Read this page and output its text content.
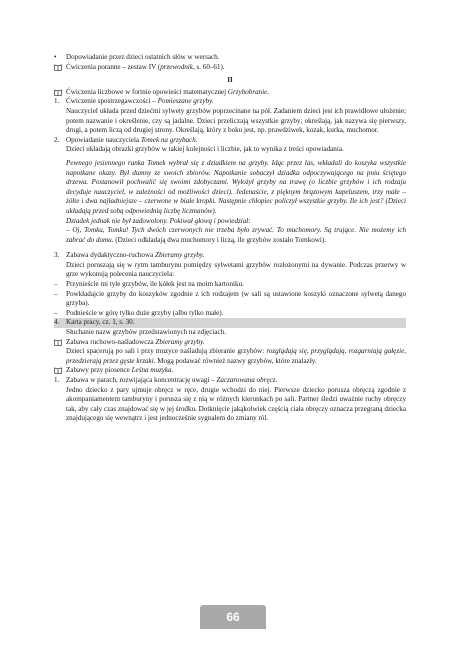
•	Dopowiadanie przez dzieci ostatnich słów w wersach.
Ćwiczenia poranne – zestaw IV (przewodnik, s. 60–61).
II
Ćwiczenia liczbowe w formie opowieści matematycznej Grzybobranie.
1. Ćwiczenie spostrzegawczości – Pomieszane grzyby.
Nauczyciel układa przed dziećmi sylwety grzybów poprzecinane na pół. Zadaniem dzieci jest ich prawidłowe ułożenie; potem nazwanie i określenie, czy są jadalne. Dzieci przeliczają wszystkie grzyby; określają, jak nazywa się pierwszy, drugi, a potem liczą od drugiej strony. Określają, który z boku jest, np. prawdziwek, kozak, kurka, muchomor.
2. Opowiadanie nauczyciela Tomek na grzybach.
Dzieci układają obrazki grzybów w takiej kolejności i liczbie, jak to wynika z treści opowiadania.
Pewnego jesiennego ranka Tomek wybrał się z dziadkiem na grzyby. Idąc przez las, wkładali do koszyka wszystkie napotkane okazy. Był dumny ze swoich zbiorów. Napotkanie sobaczył dziadka odpoczywającego na pniu ściętego drzewa. Postanowił pochwalić się swoimi zdobyczami. Wyłożył grzyby na trawę (o liczbie grzybów i ich rodzaju decyduje nauczyciel, w zależności od możliwości dzieci). Jedenaście, z pięknym brązowym kapeluszem, trzy małe – żółte i dwa najładniejsze – czerwone w białe kropki. Następnie chłopiec policzył wszystkie grzyby. Ile ich jest? (Dzieci układają przed sobą odpowiednią liczbę liczmanów).
Dziadek jednak nie był zadowolony. Pokiwał głową i powiedział:
– Oj, Tomku, Tomku! Tych dwóch czerwonych nie trzeba było zrywać. To muchomory. Są trujące. Nie możemy ich zabrać do domu. (Dzieci odkładają dwa muchomory i liczą, ile grzybów zostało Tomkowi).
3. Zabawa dydaktyczno-ruchowa Zbieramy grzyby.
Dzieci poruszają się w rytm tamburynu pomiędzy sylwetami grzybów rozłożonymi na dywanie. Podczas przerwy w grze wykonują polecenia nauczyciela:
–	Przynieście mi tyle grzybów, ile kółek jest na moim kartoniku.
–	Powkładajcie grzyby do koszyków zgodnie z ich rodzajem (w sali są ustawione koszyki oznaczone sylwetą danego grzyba).
–	Podnieście w górę tylko duże grzyby (albo tylko małe).
4. Karta pracy, cz. 1, s. 30.
Słuchanie nazw grzybów przedstawionych na zdjęciach.
Zabawa ruchowo-naśladowcza Zbieramy grzyby.
Dzieci spacerują po sali i przy muzyce naśladują zbieranie grzybów: rozglądają się, przyglądają, rozgarniają gałęzie, przedzierają przez gęste krzaki. Mogą podawać również nazwy grzybów, które znalazły.
Zabawy przy piosence Leśna muzyka.
1. Zabawa w parach, rozwijająca koncentrację uwagi – Zaczarowana obręcz.
Jedno dziecko z pary ujmuje obręcz w ręce, drugie wchodzi do niej. Pierwsze dziecko porusza obręczą zgodnie z akompaniamentem tamburyny i porusza się z nią w różnych kierunkach po sali. Partner śledzi uważnie ruchy obręczy tak, aby cały czas znajdować się w jej środku. Dotknięcie jakąkolwiek częścią ciała obręczy oznacza przegraną dziecka znajdującego się wewnątrz i jest jednocześnie sygnałem do zmiany ról.
66
